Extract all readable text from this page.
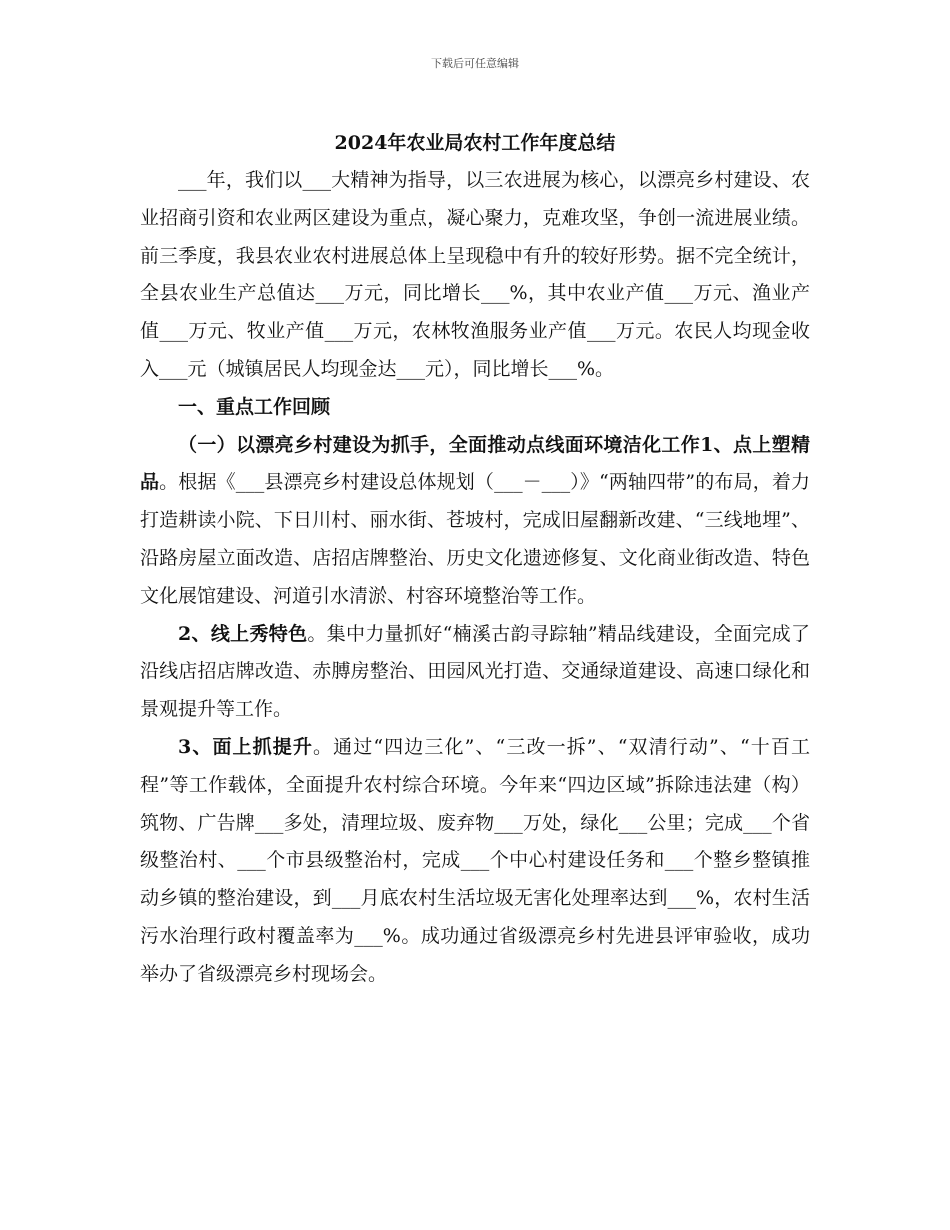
下载后可任意编辑
2024年农业局农村工作年度总结

___年，我们以___大精神为指导，以三农进展为核心，以漂亮乡村建设、农业招商引资和农业两区建设为重点，凝心聚力，克难攻坚，争创一流进展业绩。前三季度，我县农业农村进展总体上呈现稳中有升的较好形势。据不完全统计，全县农业生产总值达___万元，同比增长___%，其中农业产值___万元、渔业产值___万元、牧业产值___万元，农林牧渔服务业产值___万元。农民人均现金收入___元（城镇居民人均现金达___元），同比增长___%。

一、重点工作回顾

（一）以漂亮乡村建设为抓手，全面推动点线面环境洁化工作1、点上塑精品。根据《___县漂亮乡村建设总体规划（___－___）》“两轴四带”的布局，着力打造耕读小院、下日川村、丽水街、苍坡村，完成旧屋翻新改建、“三线地埋”、沿路房屋立面改造、店招店牌整治、历史文化遗迹修复、文化商业街改造、特色文化展馆建设、河道引水清淤、村容环境整治等工作。

2、线上秀特色。集中力量抓好“楠溪古韵寻踪轴”精品线建设，全面完成了沿线店招店牌改造、赤膊房整治、田园风光打造、交通绿道建设、高速口绿化和景观提升等工作。

3、面上抓提升。通过“四边三化”、“三改一拆”、“双清行动”、“十百工程”等工作载体，全面提升农村综合环境。今年来“四边区域”拆除违法建（构）筑物、广告牌___多处，清理垃圾、废弃物___万处，绿化___公里；完成___个省级整治村、___个市县级整治村，完成___个中心村建设任务和___个整乡整镇推动乡镇的整治建设，到___月底农村生活垃圾无害化处理率达到___%，农村生活污水治理行政村覆盖率为___%。成功通过省级漂亮乡村先进县评审验收，成功举办了省级漂亮乡村现场会。
